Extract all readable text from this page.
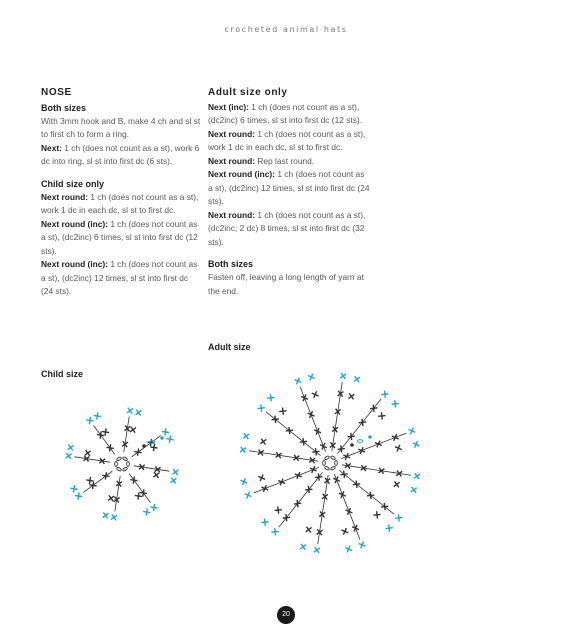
crocheted animal hats
NOSE
Both sizes

With 3mm hook and B, make 4 ch and sl st to first ch to form a ring.

Next: 1 ch (does not count as a st), work 6 dc into ring, sl st into first dc (6 sts).

Child size only

Next round: 1 ch (does not count as a st), work 1 dc in each dc, sl st to first dc.

Next round (inc): 1 ch (does not count as a st), (dc2inc) 6 times, sl st into first dc (12 sts).

Next round (inc): 1 ch (does not count as a st), (dc2inc) 12 times, sl st into first dc (24 sts).

Adult size only

Next (inc): 1 ch (does not count as a st), (dc2inc) 6 times, sl st into first dc (12 sts).

Next round: 1 ch (does not count as a st), work 1 dc in each dc, sl st to first dc.

Next round: Rep last round.

Next round (inc): 1 ch (does not count as a st), (dc2inc) 12 times, sl st into first dc (24 sts).

Next round: 1 ch (does not count as a st), (dc2inc, 2 dc) 8 times, sl st into first dc (32 sts).

Both sizes

Fasten off, leaving a long length of yarn at the end.

Adult size
Child size
20
